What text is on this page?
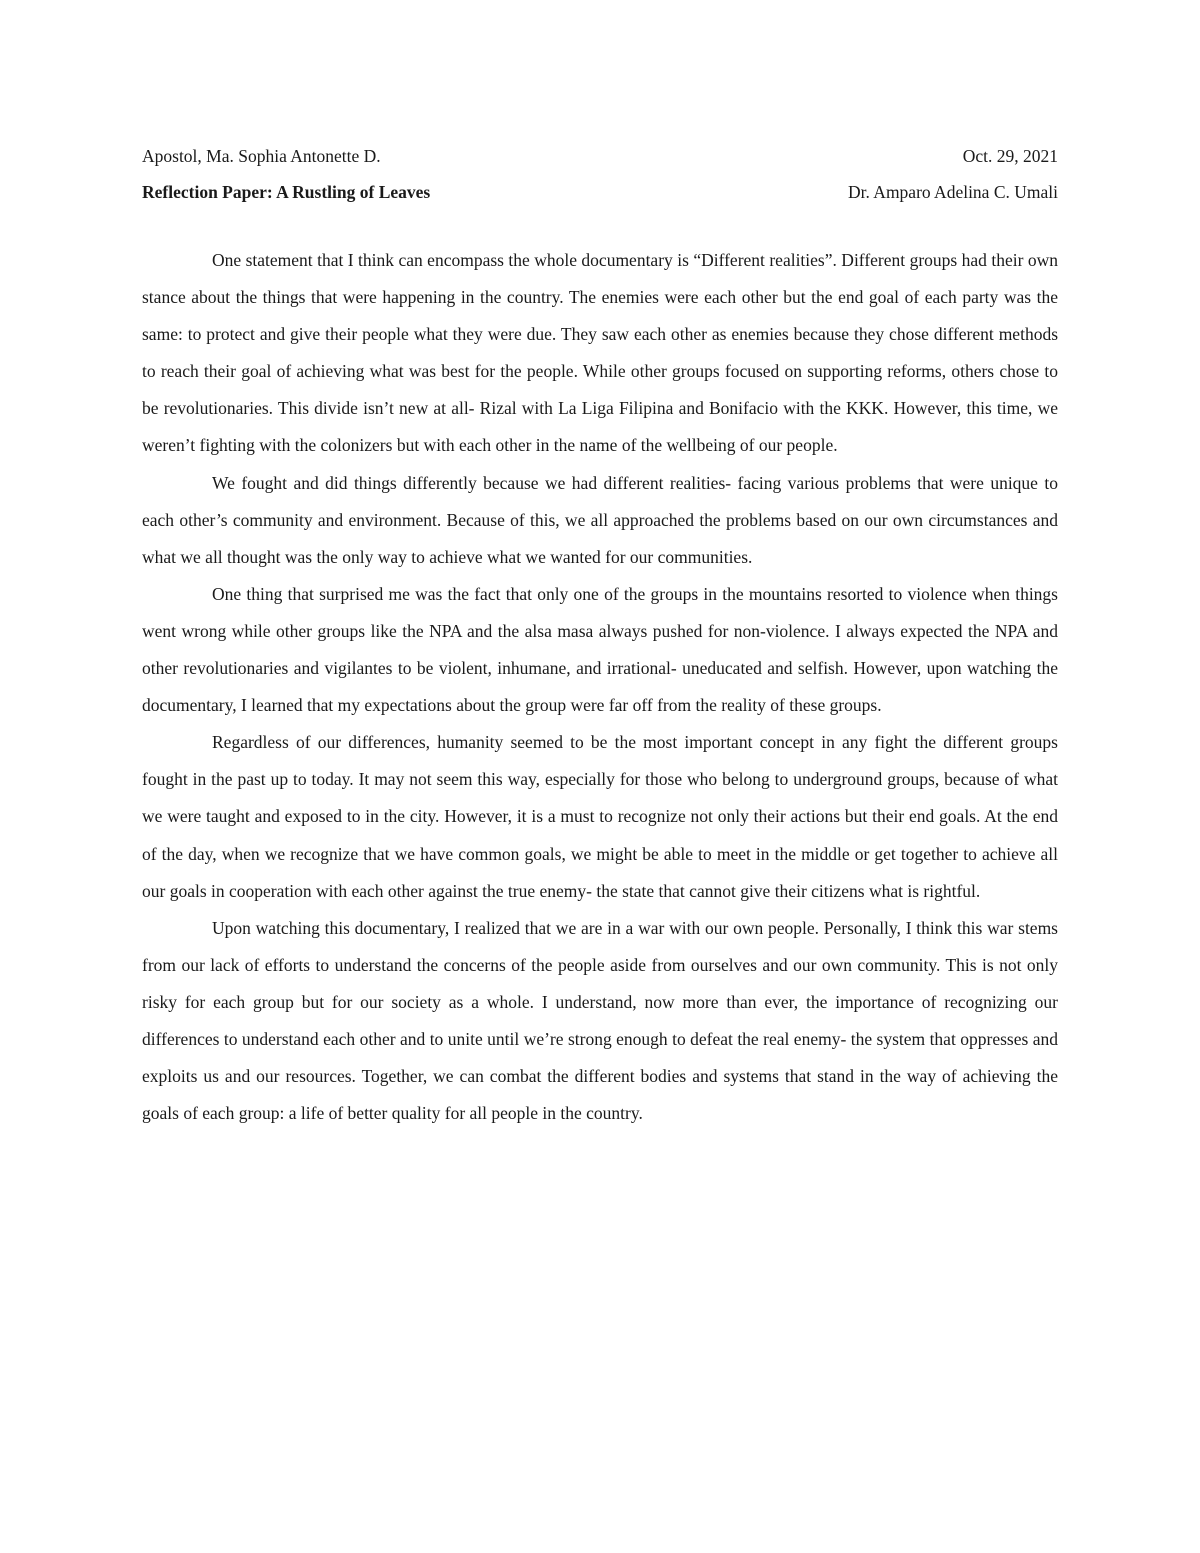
Apostol, Ma. Sophia Antonette D.	Oct. 29, 2021
Reflection Paper: A Rustling of Leaves	Dr. Amparo Adelina C. Umali

One statement that I think can encompass the whole documentary is “Different realities”. Different groups had their own stance about the things that were happening in the country. The enemies were each other but the end goal of each party was the same: to protect and give their people what they were due. They saw each other as enemies because they chose different methods to reach their goal of achieving what was best for the people. While other groups focused on supporting reforms, others chose to be revolutionaries. This divide isn’t new at all- Rizal with La Liga Filipina and Bonifacio with the KKK. However, this time, we weren’t fighting with the colonizers but with each other in the name of the wellbeing of our people.

We fought and did things differently because we had different realities- facing various problems that were unique to each other’s community and environment. Because of this, we all approached the problems based on our own circumstances and what we all thought was the only way to achieve what we wanted for our communities.

One thing that surprised me was the fact that only one of the groups in the mountains resorted to violence when things went wrong while other groups like the NPA and the alsa masa always pushed for non-violence. I always expected the NPA and other revolutionaries and vigilantes to be violent, inhumane, and irrational- uneducated and selfish. However, upon watching the documentary, I learned that my expectations about the group were far off from the reality of these groups.

Regardless of our differences, humanity seemed to be the most important concept in any fight the different groups fought in the past up to today. It may not seem this way, especially for those who belong to underground groups, because of what we were taught and exposed to in the city. However, it is a must to recognize not only their actions but their end goals. At the end of the day, when we recognize that we have common goals, we might be able to meet in the middle or get together to achieve all our goals in cooperation with each other against the true enemy- the state that cannot give their citizens what is rightful.

Upon watching this documentary, I realized that we are in a war with our own people. Personally, I think this war stems from our lack of efforts to understand the concerns of the people aside from ourselves and our own community. This is not only risky for each group but for our society as a whole. I understand, now more than ever, the importance of recognizing our differences to understand each other and to unite until we’re strong enough to defeat the real enemy- the system that oppresses and exploits us and our resources. Together, we can combat the different bodies and systems that stand in the way of achieving the goals of each group: a life of better quality for all people in the country.
